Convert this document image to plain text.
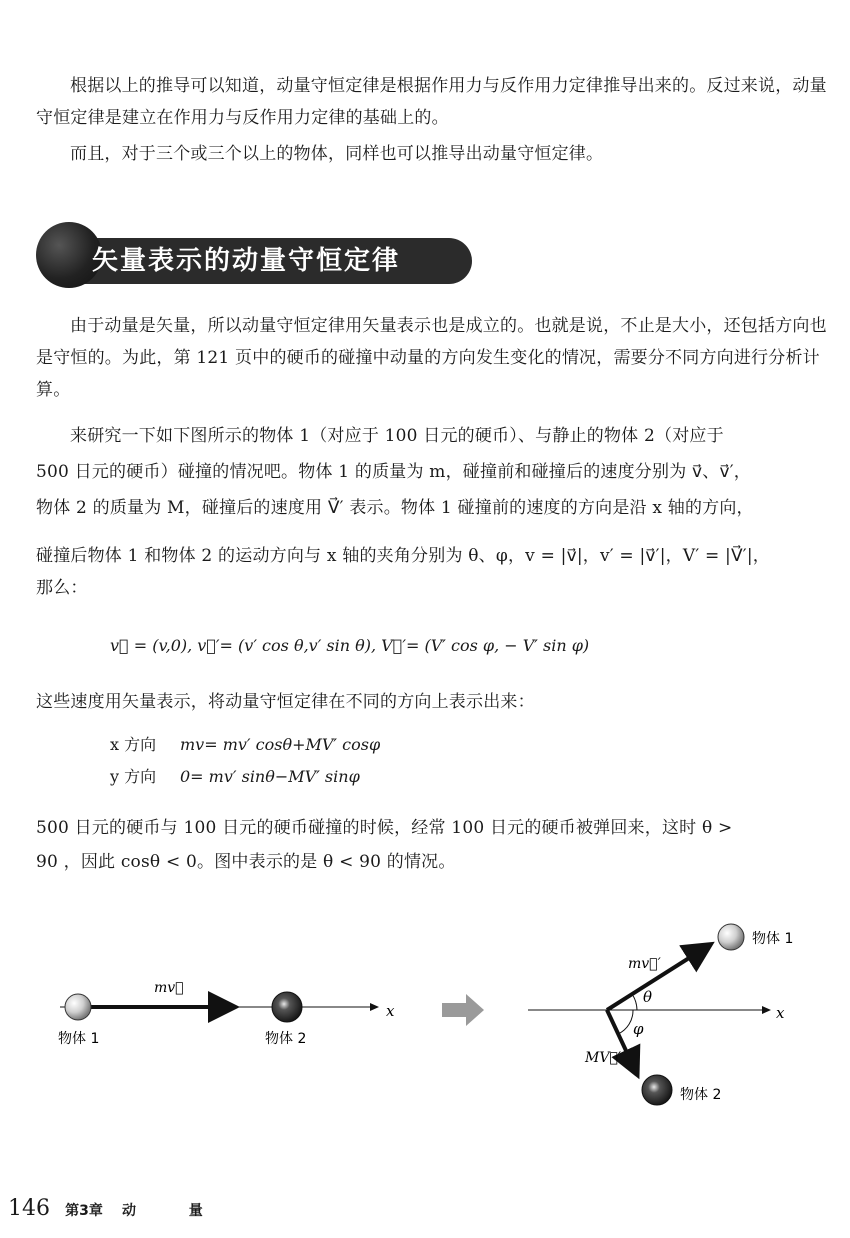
根据以上的推导可以知道，动量守恒定律是根据作用力与反作用力定律推导出来的。反过来说，动量守恒定律是建立在作用力与反作用力定律的基础上的。

而且，对于三个或三个以上的物体，同样也可以推导出动量守恒定律。

矢量表示的动量守恒定律

由于动量是矢量，所以动量守恒定律用矢量表示也是成立的。也就是说，不止是大小，还包括方向也是守恒的。为此，第 121 页中的硬币的碰撞中动量的方向发生变化的情况，需要分不同方向进行分析计算。

来研究一下如下图所示的物体 1（对应于 100 日元的硬币）、与静止的物体 2（对应于

500 日元的硬币）碰撞的情况吧。物体 1 的质量为 m，碰撞前和碰撞后的速度分别为 v⃗、v⃗′，

物体 2 的质量为 M，碰撞后的速度用 V⃗′ 表示。物体 1 碰撞前的速度的方向是沿 x 轴的方向，

碰撞后物体 1 和物体 2 的运动方向与 x 轴的夹角分别为 θ、φ，v = |v⃗|，v′ = |v⃗′|，V′ = |V⃗′|，

那么：

v⃗ = (v,0), v⃗′= (v′ cos θ,v′ sin θ), V⃗′= (V′ cos φ, − V′ sin φ)

这些速度用矢量表示，将动量守恒定律在不同的方向上表示出来：

x 方向 mv= mv′ cosθ+MV′ cosφ
y 方向 0= mv′ sinθ−MV′ sinφ

500 日元的硬币与 100 日元的硬币碰撞的时候，经常 100 日元的硬币被弹回来，这时 θ >

90 ，因此 cosθ < 0。图中表示的是 θ < 90 的情况。

mv⃗
物体 1	物体 2
x
mv⃗′
MV⃗′
物体 1
物体 2
x
θ
φ
146 第3章 动 量
